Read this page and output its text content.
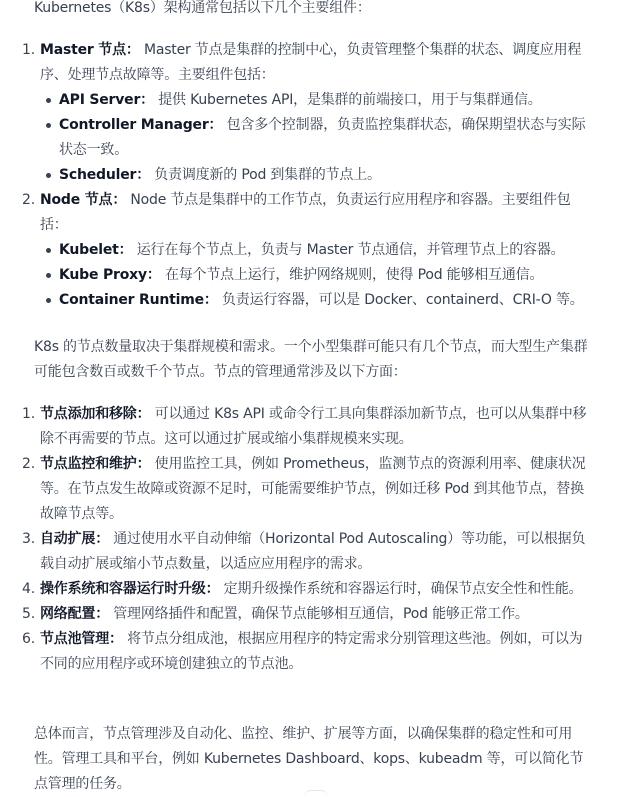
Kubernetes（K8s）架构通常包括以下几个主要组件：

1. Master 节点： Master 节点是集群的控制中心，负责管理整个集群的状态、调度应用程序、处理节点故障等。主要组件包括：
API Server： 提供 Kubernetes API，是集群的前端接口，用于与集群通信。
Controller Manager： 包含多个控制器，负责监控集群状态，确保期望状态与实际状态一致。
Scheduler： 负责调度新的 Pod 到集群的节点上。
2. Node 节点： Node 节点是集群中的工作节点，负责运行应用程序和容器。主要组件包括：
Kubelet： 运行在每个节点上，负责与 Master 节点通信，并管理节点上的容器。
Kube Proxy： 在每个节点上运行，维护网络规则，使得 Pod 能够相互通信。
Container Runtime： 负责运行容器，可以是 Docker、containerd、CRI-O 等。

K8s 的节点数量取决于集群规模和需求。一个小型集群可能只有几个节点，而大型生产集群可能包含数百或数千个节点。节点的管理通常涉及以下方面：

1. 节点添加和移除： 可以通过 K8s API 或命令行工具向集群添加新节点，也可以从集群中移除不再需要的节点。这可以通过扩展或缩小集群规模来实现。
2. 节点监控和维护： 使用监控工具，例如 Prometheus，监测节点的资源利用率、健康状况等。在节点发生故障或资源不足时，可能需要维护节点，例如迁移 Pod 到其他节点，替换故障节点等。
3. 自动扩展： 通过使用水平自动伸缩（Horizontal Pod Autoscaling）等功能，可以根据负载自动扩展或缩小节点数量，以适应应用程序的需求。
4. 操作系统和容器运行时升级： 定期升级操作系统和容器运行时，确保节点安全性和性能。
5. 网络配置： 管理网络插件和配置，确保节点能够相互通信，Pod 能够正常工作。
6. 节点池管理： 将节点分组成池，根据应用程序的特定需求分别管理这些池。例如，可以为不同的应用程序或环境创建独立的节点池。

总体而言，节点管理涉及自动化、监控、维护、扩展等方面，以确保集群的稳定性和可用性。管理工具和平台，例如 Kubernetes Dashboard、kops、kubeadm 等，可以简化节点管理的任务。
